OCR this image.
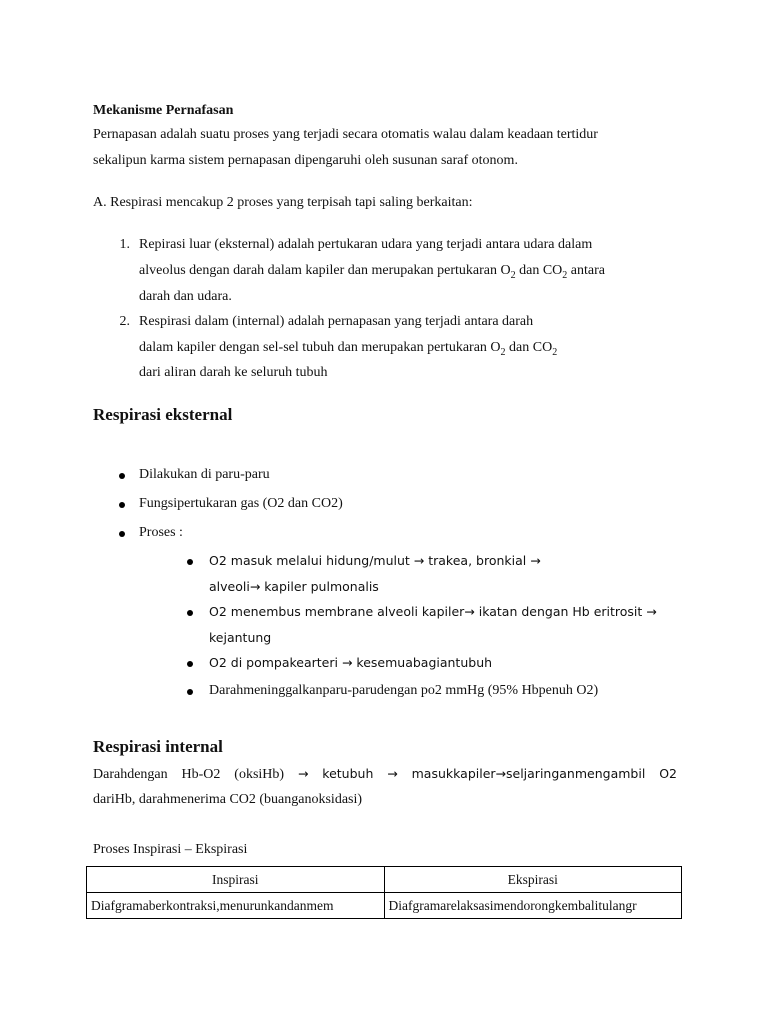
Mekanisme Pernafasan
Pernapasan adalah suatu proses yang terjadi secara otomatis walau dalam keadaan tertidur
sekalipun karma sistem pernapasan dipengaruhi oleh susunan saraf otonom.
A. Respirasi mencakup 2 proses yang terpisah tapi saling berkaitan:
1. Repirasi luar (eksternal) adalah pertukaran udara yang terjadi antara udara dalam
alveolus dengan darah dalam kapiler dan merupakan pertukaran $O_2$ dan $CO_2$ antara
darah dan udara.
2. Respirasi dalam (internal) adalah pernapasan yang terjadi antara darah
dalam kapiler dengan sel-sel tubuh dan merupakan pertukaran $O_2$ dan $CO_2$
dari aliran darah ke seluruh tubuh
Respirasi eksternal
Dilakukan di paru-paru
Fungsipertukaran gas (O2 dan CO2)
Proses :
O2 masuk melalui hidung/mulut → trakea, bronkial →
alveoli→ kapiler pulmonalis
O2 menembus membrane alveoli kapiler→ ikatan dengan Hb eritrosit →
kejantung
O2 di pompakearteri → kesemuabagiantubuh
Darahmeninggalkanparu-parudengan po2 mmHg (95% Hbpenuh O2)
Respirasi internal
Darahdengan Hb-O2 (oksiHb) → ketubuh → masukkapiler→seljaringanmengambil O2
dariHb, darahmenerima CO2 (buanganoksidasi)
Proses Inspirasi – Ekspirasi
Inspirasi	Ekspirasi
Diafgramaberkontraksi,menurunkandanmem	Diafgramarelaksasimendorongkembalitulangr
